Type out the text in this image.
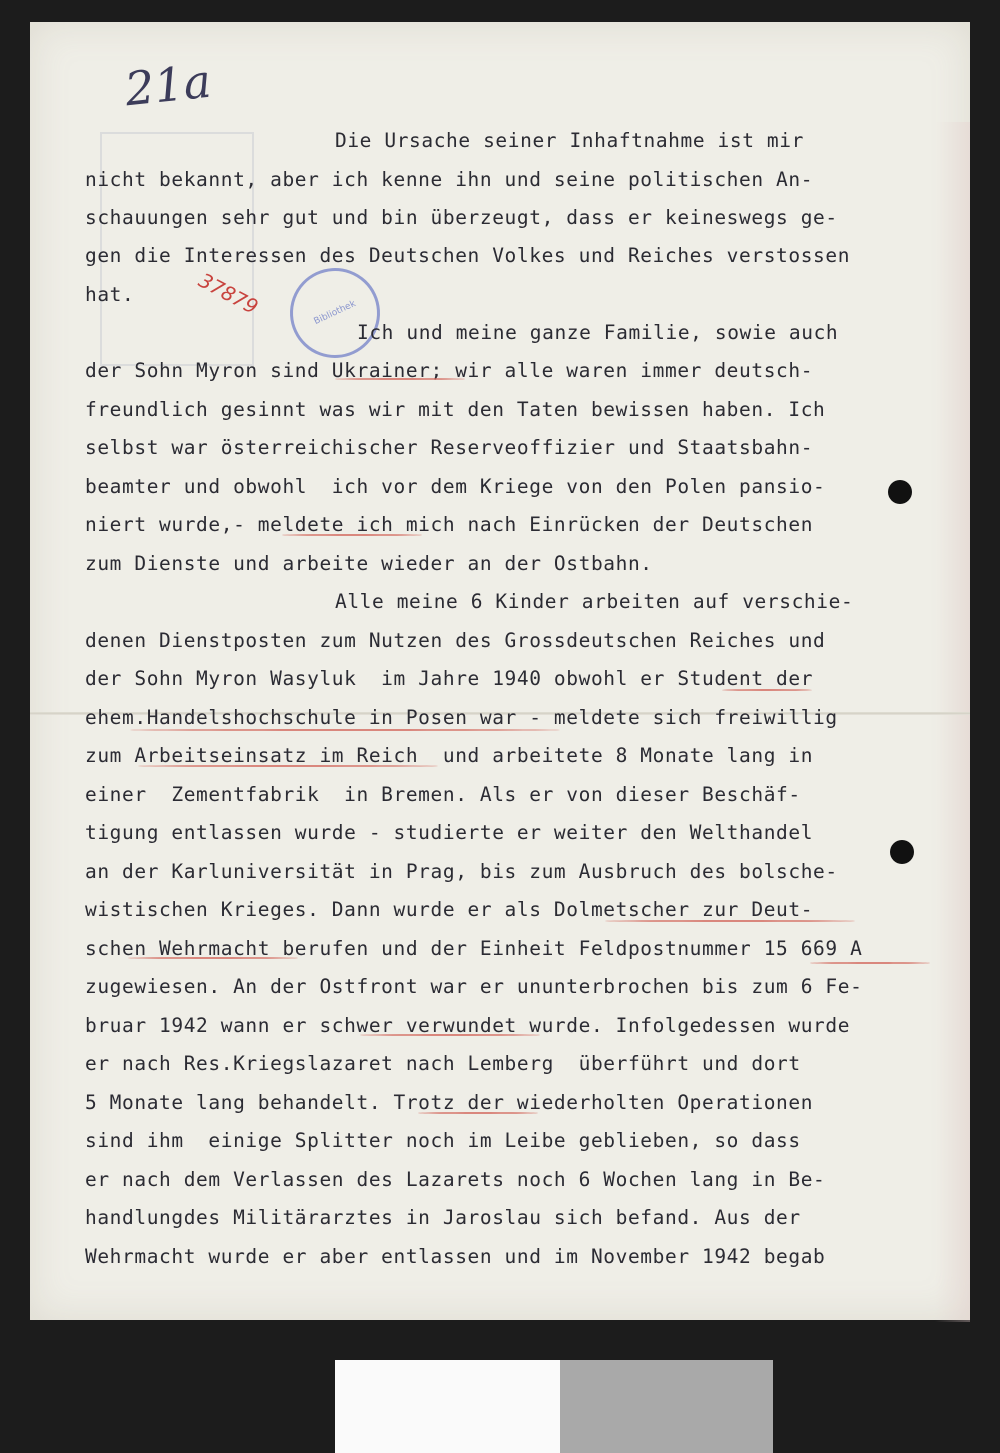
21a
37879	Bibliothek
Die Ursache seiner Inhaftnahme ist mir
nicht bekannt, aber ich kenne ihn und seine politischen An-
schauungen sehr gut und bin überzeugt, dass er keineswegs ge-
gen die Interessen des Deutschen Volkes und Reiches verstossen
hat.
Ich und meine ganze Familie, sowie auch
der Sohn Myron sind Ukrainer; wir alle waren immer deutsch-
freundlich gesinnt was wir mit den Taten bewissen haben. Ich
selbst war österreichischer Reserveoffizier und Staatsbahn-
beamter und obwohl  ich vor dem Kriege von den Polen pansio-
niert wurde,- meldete ich mich nach Einrücken der Deutschen
zum Dienste und arbeite wieder an der Ostbahn.
Alle meine 6 Kinder arbeiten auf verschie-
denen Dienstposten zum Nutzen des Grossdeutschen Reiches und
der Sohn Myron Wasyluk  im Jahre 1940 obwohl er Student der
ehem.Handelshochschule in Posen war - meldete sich freiwillig
zum Arbeitseinsatz im Reich  und arbeitete 8 Monate lang in
einer  Zementfabrik  in Bremen. Als er von dieser Beschäf-
tigung entlassen wurde - studierte er weiter den Welthandel
an der Karluniversität in Prag, bis zum Ausbruch des bolsche-
wistischen Krieges. Dann wurde er als Dolmetscher zur Deut-
schen Wehrmacht berufen und der Einheit Feldpostnummer 15 669 A
zugewiesen. An der Ostfront war er ununterbrochen bis zum 6 Fe-
bruar 1942 wann er schwer verwundet wurde. Infolgedessen wurde
er nach Res.Kriegslazaret nach Lemberg  überführt und dort
5 Monate lang behandelt. Trotz der wiederholten Operationen
sind ihm  einige Splitter noch im Leibe geblieben, so dass
er nach dem Verlassen des Lazarets noch 6 Wochen lang in Be-
handlungdes Militärarztes in Jaroslau sich befand. Aus der
Wehrmacht wurde er aber entlassen und im November 1942 begab
